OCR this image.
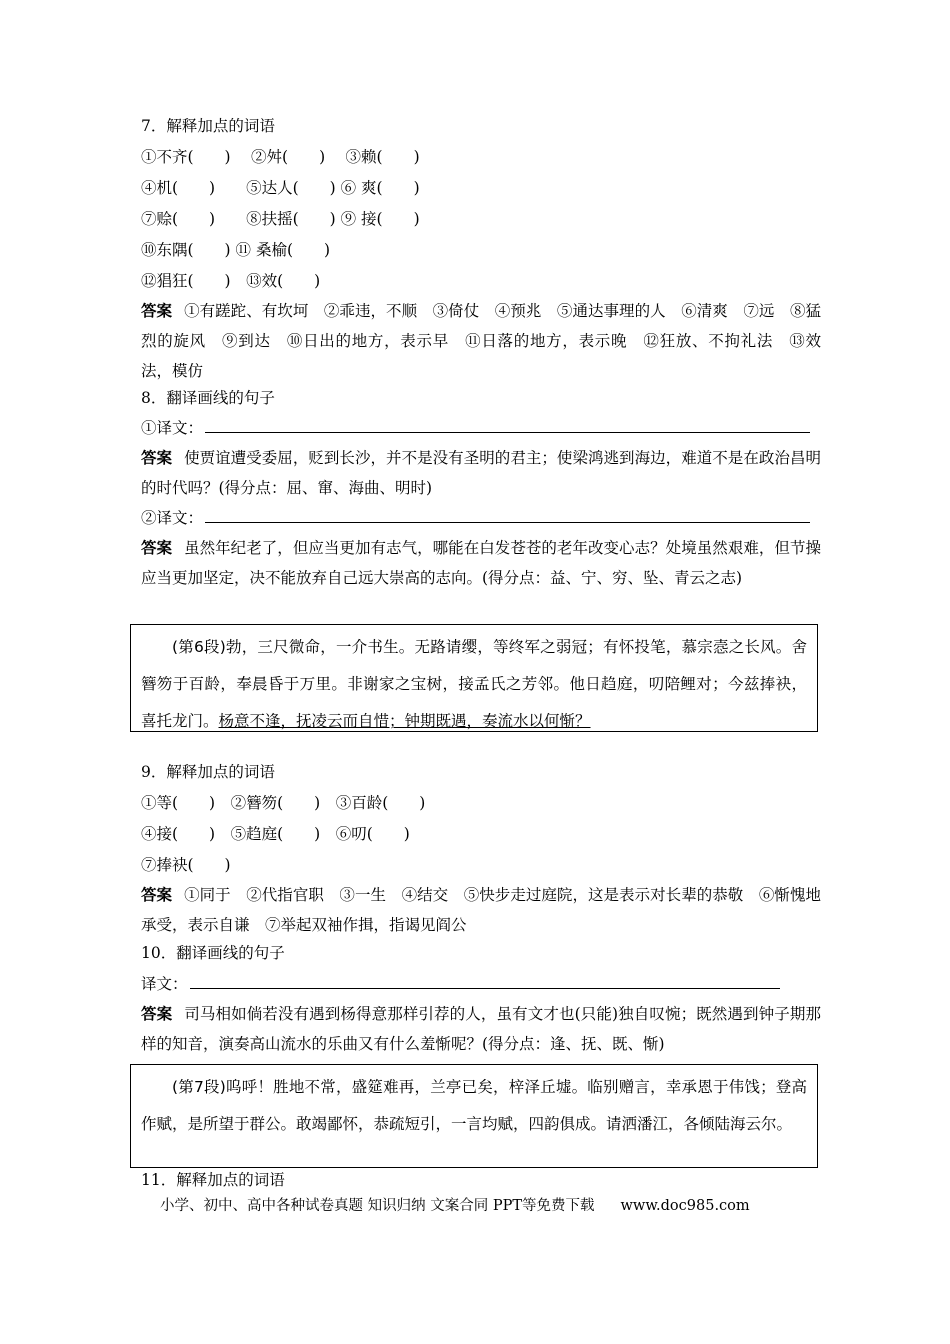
7．解释加点的词语
①不齐(　　)　 ②舛(　　)　 ③赖(　　)
④机(　　)　　⑤达人(　　) ⑥ 爽(　　)
⑦赊(　　)　　⑧扶摇(　　) ⑨ 接(　　)
⑩东隅(　　) ⑪ 桑榆(　　)
⑫猖狂(　　)　⑬效(　　)
答案 ①有蹉跎、有坎坷　②乖违，不顺　③倚仗　④预兆　⑤通达事理的人　⑥清爽　⑦远　⑧猛烈的旋风　⑨到达　⑩日出的地方，表示早　⑪日落的地方，表示晚　⑫狂放、不拘礼法　⑬效法，模仿
8．翻译画线的句子
①译文：
答案 使贾谊遭受委屈，贬到长沙，并不是没有圣明的君主；使梁鸿逃到海边，难道不是在政治昌明的时代吗？(得分点：屈、窜、海曲、明时)
②译文：
答案 虽然年纪老了，但应当更加有志气，哪能在白发苍苍的老年改变心志？处境虽然艰难，但节操应当更加坚定，决不能放弃自己远大崇高的志向。(得分点：益、宁、穷、坠、青云之志)

  (第6段)勃，三尺微命，一介书生。无路请缨，等终军之弱冠；有怀投笔，慕宗悫之长风。舍簪笏于百龄，奉晨昏于万里。非谢家之宝树，接孟氏之芳邻。他日趋庭，叨陪鲤对；今兹捧袂，喜托龙门。杨意不逢，抚凌云而自惜；钟期既遇，奏流水以何惭？

9．解释加点的词语
①等(　　)　②簪笏(　　)　③百龄(　　)
④接(　　)　⑤趋庭(　　)　⑥叨(　　)
⑦捧袂(　　)
答案 ①同于　②代指官职　③一生　④结交　⑤快步走过庭院，这是表示对长辈的恭敬　⑥惭愧地承受，表示自谦　⑦举起双袖作揖，指谒见阎公
10．翻译画线的句子
译文：
答案 司马相如倘若没有遇到杨得意那样引荐的人，虽有文才也(只能)独自叹惋；既然遇到钟子期那样的知音，演奏高山流水的乐曲又有什么羞惭呢？(得分点：逢、抚、既、惭)

  (第7段)呜呼！胜地不常，盛筵难再，兰亭已矣，梓泽丘墟。临别赠言，幸承恩于伟饯；登高作赋，是所望于群公。敢竭鄙怀，恭疏短引，一言均赋，四韵俱成。请洒潘江，各倾陆海云尔。

11．解释加点的词语
小学、初中、高中各种试卷真题 知识归纳 文案合同 PPT等免费下载 www.doc985.com
